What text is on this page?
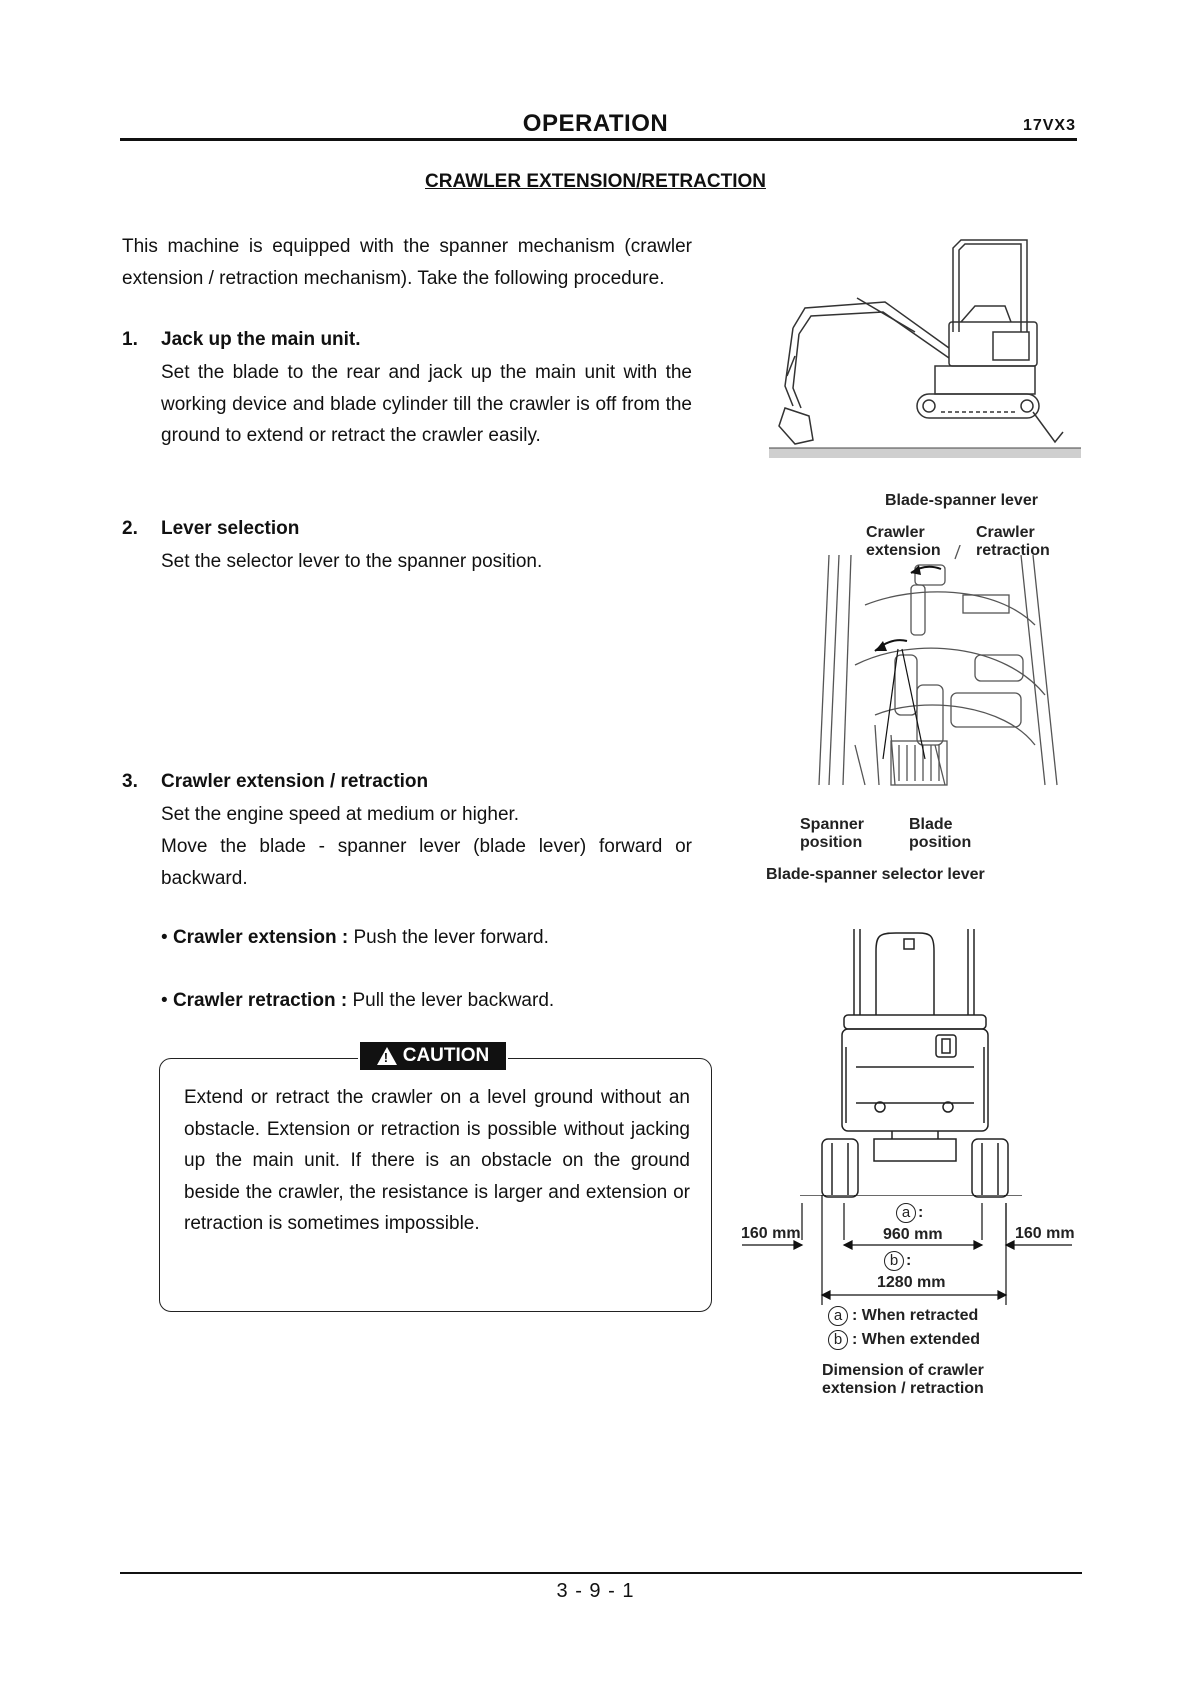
OPERATION	17VX3
CRAWLER EXTENSION/RETRACTION
This machine is equipped with the spanner mechanism (crawler extension / retraction mechanism). Take the following procedure.
1. Jack up the main unit.
Set the blade to the rear and jack up the main unit with the working device and blade cylinder till the crawler is off from the ground to extend or retract the crawler easily.
2. Lever selection
Set the selector lever to the spanner position.
3. Crawler extension / retraction
Set the engine speed at medium or higher.
Move the blade - spanner lever (blade lever) forward or backward.
• Crawler extension : Push the lever forward.
• Crawler retraction : Pull the lever backward.
! CAUTION
Extend or retract the crawler on a level ground without an obstacle. Extension or retraction is possible without jacking up the main unit. If there is an obstacle on the ground beside the crawler, the resistance is larger and extension or retraction is sometimes impossible.
Blade-spanner lever
Crawler
extension
Crawler
retraction
Spanner
position
Blade
position
Blade-spanner selector lever
160 mm	160 mm
a :
960 mm
b :
1280 mm
a : When retracted
b : When extended
Dimension of crawler
extension / retraction
3 - 9 - 1
